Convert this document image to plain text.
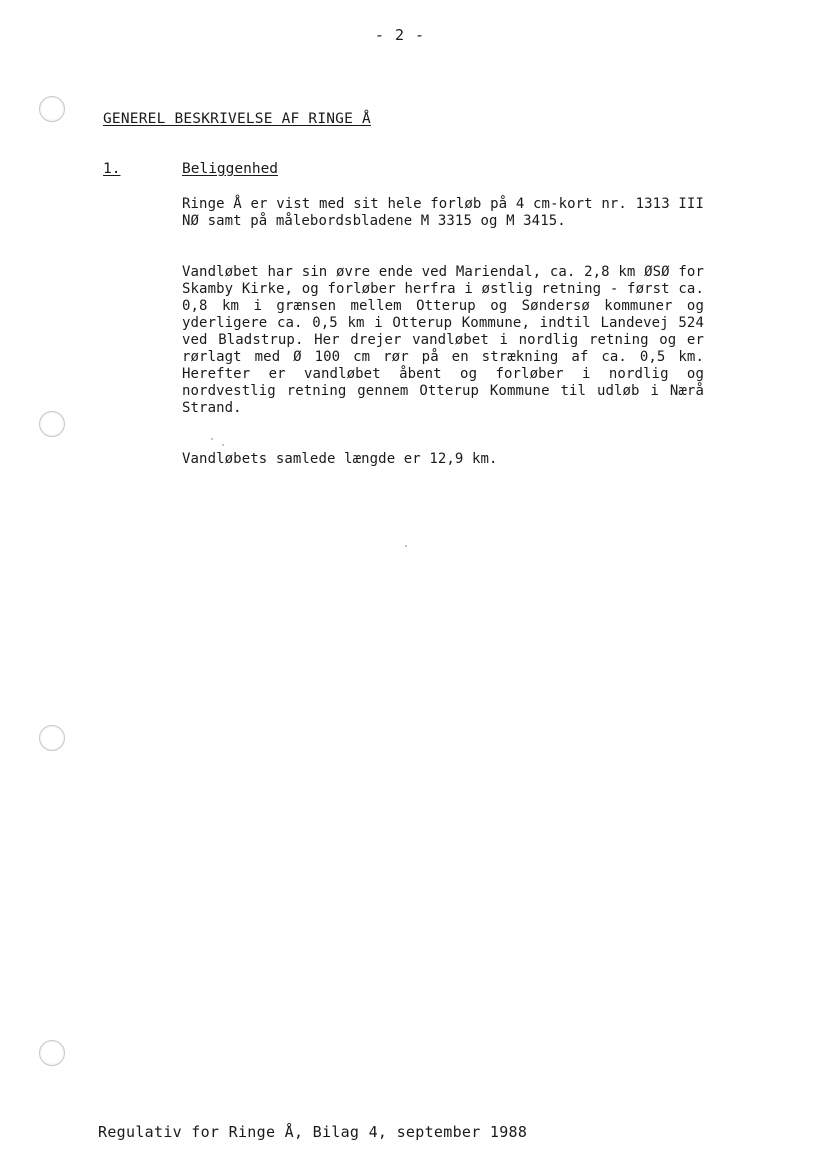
- 2 -
GENEREL BESKRIVELSE AF RINGE Å
1.	Beliggenhed

Ringe Å er vist med sit hele forløb på 4 cm-kort nr. 1313 III NØ samt på målebordsbladene M 3315 og M 3415.

Vandløbet har sin øvre ende ved Mariendal, ca. 2,8 km ØSØ for Skamby Kirke, og forløber herfra i østlig retning - først ca. 0,8 km i grænsen mellem Otterup og Søndersø kommuner og yderligere ca. 0,5 km i Otterup Kommune, indtil Landevej 524 ved Bladstrup. Her drejer vandløbet i nordlig retning og er rørlagt med Ø 100 cm rør på en strækning af ca. 0,5 km. Herefter er vandløbet åbent og forløber i nordlig og nordvestlig retning gennem Otterup Kommune til udløb i Nærå Strand.

Vandløbets samlede længde er 12,9 km.

Regulativ for Ringe Å, Bilag 4, september 1988
